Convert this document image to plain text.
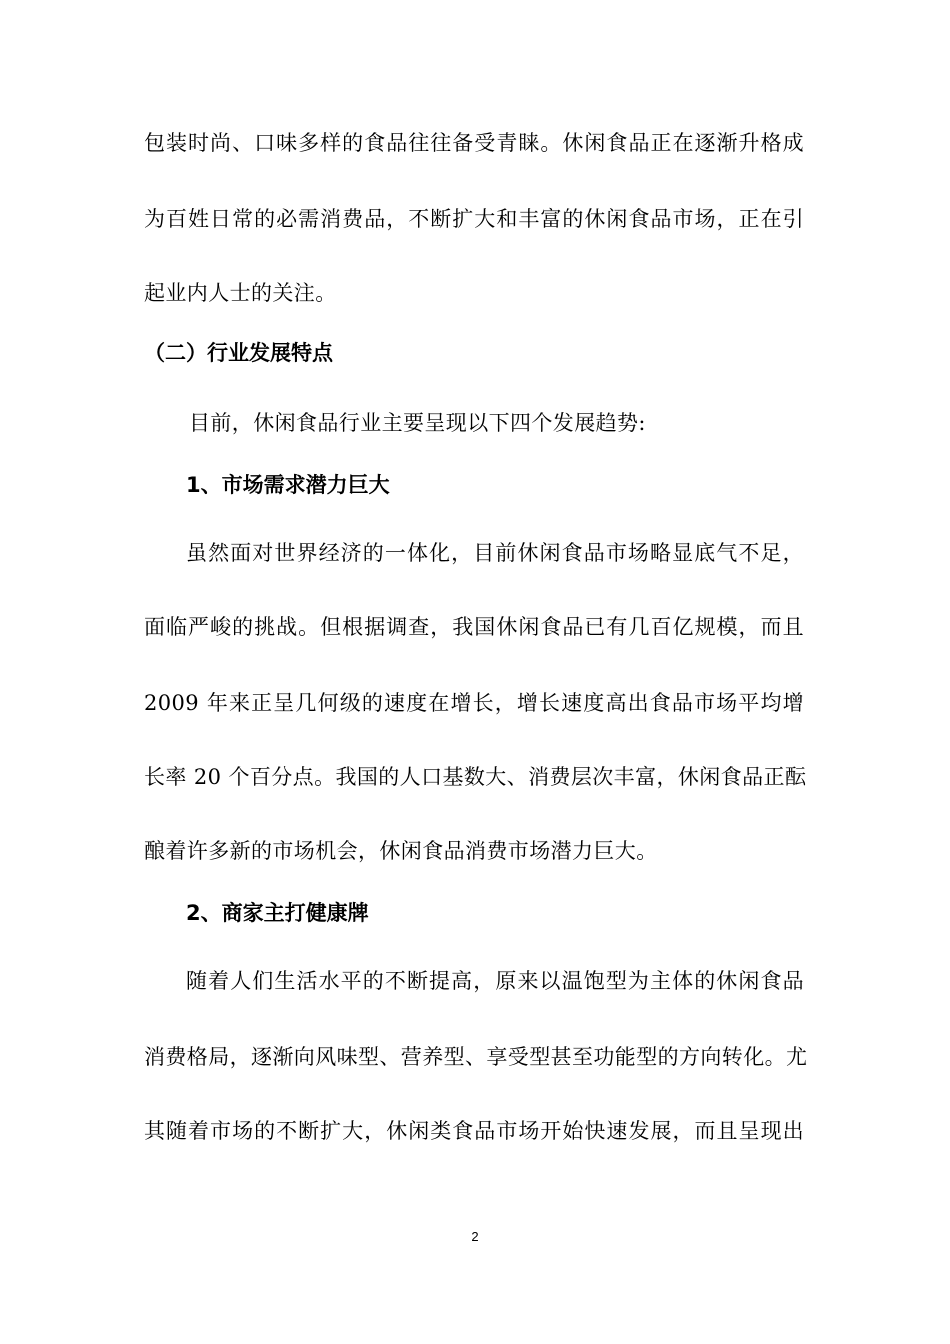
包装时尚、口味多样的食品往往备受青睐。休闲食品正在逐渐升格成
为百姓日常的必需消费品，不断扩大和丰富的休闲食品市场，正在引
起业内人士的关注。
（二）行业发展特点
目前，休闲食品行业主要呈现以下四个发展趋势:
1、市场需求潜力巨大
虽然面对世界经济的一体化，目前休闲食品市场略显底气不足，
面临严峻的挑战。但根据调查，我国休闲食品已有几百亿规模，而且
2009 年来正呈几何级的速度在增长，增长速度高出食品市场平均增
长率 20 个百分点。我国的人口基数大、消费层次丰富，休闲食品正酝
酿着许多新的市场机会，休闲食品消费市场潜力巨大。
2、商家主打健康牌
随着人们生活水平的不断提高，原来以温饱型为主体的休闲食品
消费格局，逐渐向风味型、营养型、享受型甚至功能型的方向转化。尤
其随着市场的不断扩大，休闲类食品市场开始快速发展，而且呈现出
2
